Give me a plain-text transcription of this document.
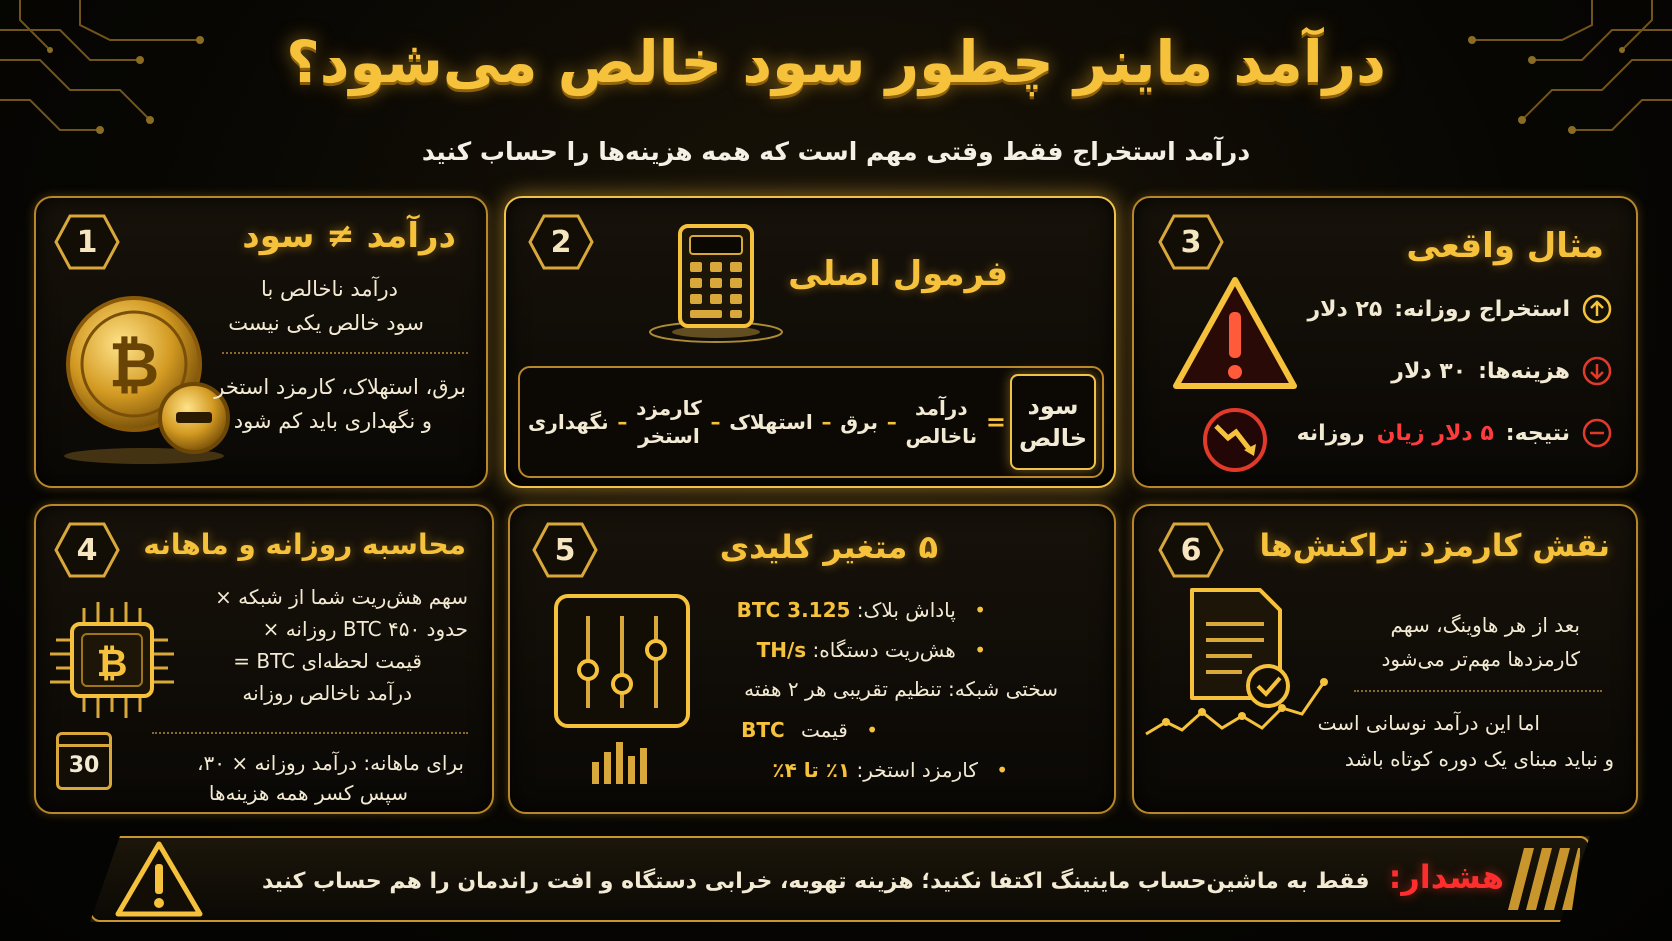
درآمد ماینر چطور سود خالص می‌شود؟
درآمد استخراج فقط وقتی مهم است که همه هزینه‌ها را حساب کنید
1	درآمد ≠ سود
₿
درآمد ناخالص با
سود خالص یکی نیست
برق، استهلاک، کارمزد استخر
و نگهداری باید کم شود
2
فرمول اصلی
سود
خالص
=
درآمد
ناخالص
–
برق
–
استهلاک
–
کارمزد
استخر
–
نگهداری
3	مثال واقعی
استخراج روزانه:
۲۵ دلار
هزینه‌ها:
۳۰ دلار
نتیجه:
۵ دلار زیان
روزانه
4	محاسبه روزانه و ماهانه
₿
30
سهم هش‌ریت شما از شبکه ×
حدود ۴۵۰ BTC روزانه ×
قیمت لحظه‌ای BTC =
درآمد ناخالص روزانه
برای ماهانه: درآمد روزانه × ۳۰،
سپس کسر همه هزینه‌ها
5	۵ متغیر کلیدی
• پاداش بلاک: 3.125 BTC
• هش‌ریت دستگاه: TH/s
سختی شبکه: تنظیم تقریبی هر ۲ هفته
• قیمت BTC
• کارمزد استخر: ۱٪ تا ۴٪
6	نقش کارمزد تراکنش‌ها
بعد از هر هاوینگ، سهم
کارمزدها مهم‌تر می‌شود
اما این درآمد نوسانی است
و نباید مبنای یک دوره کوتاه باشد
هشدار: فقط به ماشین‌حساب ماینینگ اکتفا نکنید؛ هزینه تهویه، خرابی دستگاه و افت راندمان را هم حساب کنید
